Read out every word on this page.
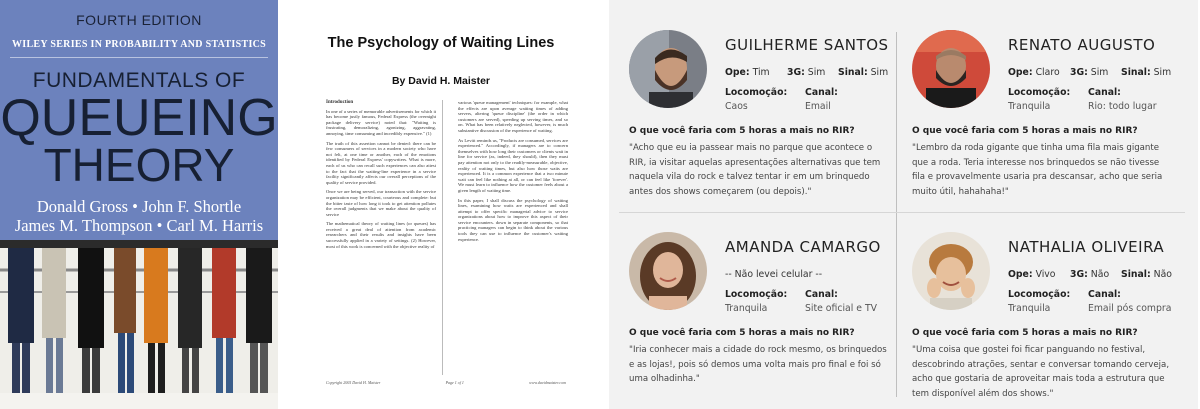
FOURTH EDITION
WILEY SERIES IN PROBABILITY AND STATISTICS
FUNDAMENTALS OF
QUEUEING
THEORY
Donald Gross • John F. Shortle
James M. Thompson • Carl M. Harris
The Psychology of Waiting Lines
By David H. Maister
Introduction

In one of a series of memorable advertisements for which it has become justly famous, Federal Express (the overnight package delivery service) noted that: "Waiting is frustrating, demoralizing, agonizing, aggravating, annoying, time consuming and incredibly expensive." (1)

The truth of this assertion cannot be denied: there can be few consumers of services in a modern society who have not felt, at one time or another, each of the emotions identified by Federal Express' copywriters. What is more, each of us who can recall such experiences can also attest to the fact that the waiting-line experience in a service facility significantly affects our overall perceptions of the quality of service provided.

Once we are being served, our transaction with the service organization may be efficient, courteous and complete: but the bitter taste of how long it took to get attention pollutes the overall judgments that we make about the quality of service

The mathematical theory of waiting lines (or queues) has received a great deal of attention from academic researchers and their results and insights have been successfully applied in a variety of settings. (2) However, most of this work is concerned with the objective reality of

various 'queue management' techniques: for example, what the effects are upon average waiting times of adding servers, altering 'queue discipline' (the order in which customers are served), speeding up serving times, and so on. What has been relatively neglected, however, is much substantive discussion of the experience of waiting.

As Levitt reminds us, "Products are consumed, services are experienced." Accordingly, if managers are to concern themselves with how long their customers or clients wait in line for service (as, indeed, they should), then they must pay attention not only to the readily-measurable, objective, reality of waiting times, but also how those waits are experienced. It is a common experience that a two minute wait can feel like nothing at all, or can feel like 'forever'. We must learn to influence how the customer feels about a given length of waiting time.

In this paper, I shall discuss the psychology of waiting lines, examining how waits are experienced and shall attempt to offer specific managerial advice to service organizations about how to improve this aspect of their service encounters. down in separate components, so that practicing managers can begin to think about the various tools they can use to influence the customer's waiting experience.

Copyright 2005 David H. Maister	Page 1 of 1	www.davidmaister.com
GUILHERME SANTOS
Ope: Tim 3G: Sim Sinal: Sim
Locomoção: Canal:
Caos	Email
O que você faria com 5 horas a mais no RIR?
"Acho que eu ia passear mais no parque que acontece o RIR, ia visitar aquelas apresentações alternativas que tem naquela vila do rock e talvez tentar ir em um brinquedo antes dos shows começarem (ou depois)."
RENATO AUGUSTO
Ope: Claro 3G: Sim Sinal: Sim
Locomoção: Canal:
Tranquila	Rio: todo lugar
O que você faria com 5 horas a mais no RIR?
"Lembro da roda gigante que tinha uma fila mais gigante que a roda. Teria interesse nos brinquedos se não tivesse fila e provavelmente usaria pra descansar, acho que seria muito útil, hahahaha!"
AMANDA CAMARGO
-- Não levei celular --
Locomoção: Canal:
Tranquila	Site oficial e TV
O que você faria com 5 horas a mais no RIR?
"Iria conhecer mais a cidade do rock mesmo, os brinquedos e as lojas!, pois só demos uma volta mais pro final e foi só uma olhadinha."
NATHALIA OLIVEIRA
Ope: Vivo 3G: Não Sinal: Não
Locomoção: Canal:
Tranquila	Email pós compra
O que você faria com 5 horas a mais no RIR?
"Uma coisa que gostei foi ficar panguando no festival, descobrindo atrações, sentar e conversar tomando cerveja, acho que gostaria de aproveitar mais toda a estrutura que tem disponível além dos shows."
